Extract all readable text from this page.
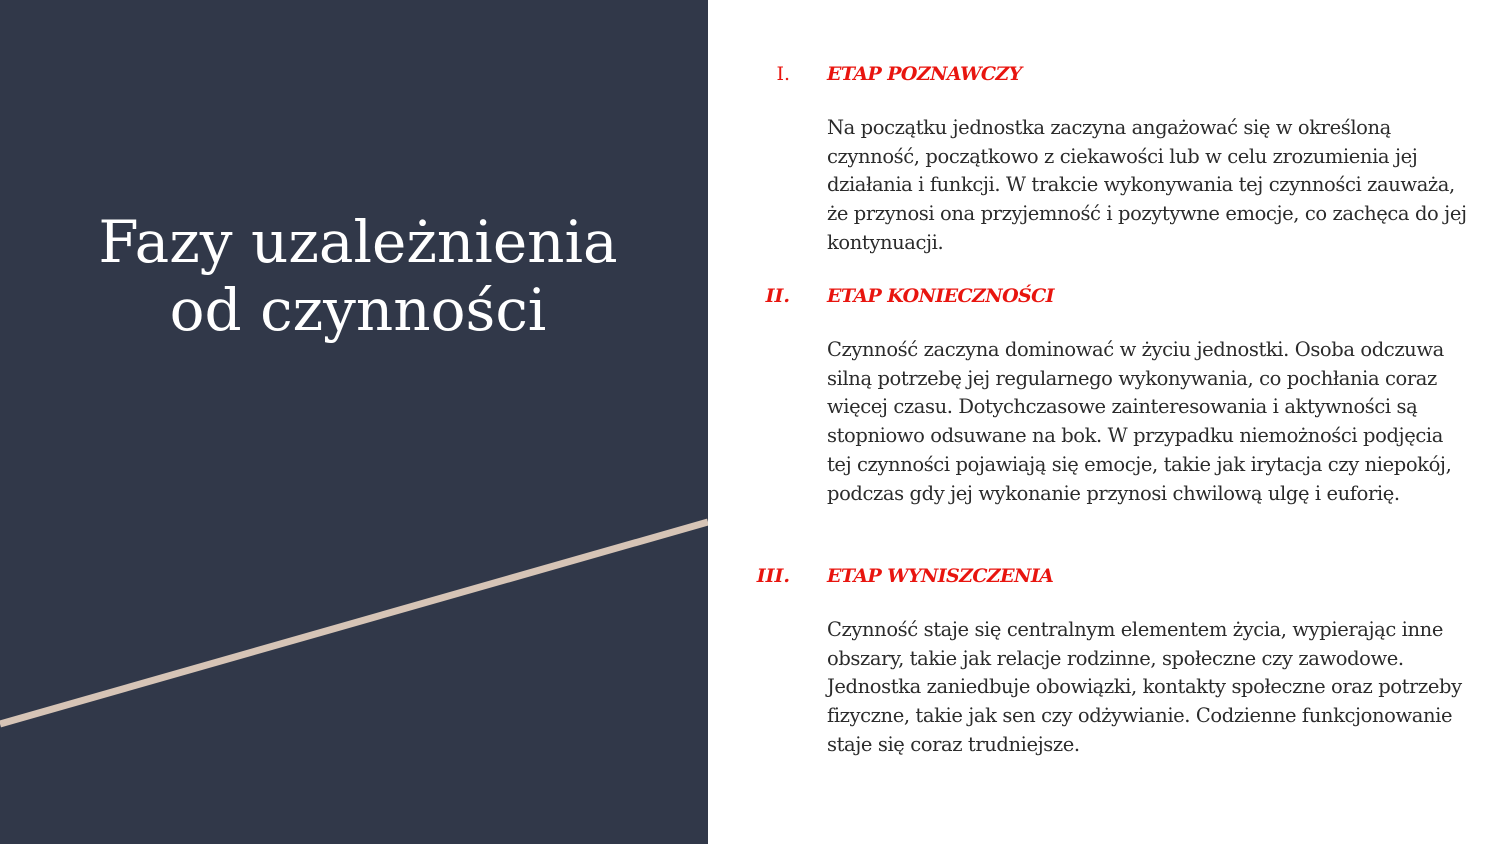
Fazy uzależnienia
od czynności
I. ETAP POZNAWCZY

Na początku jednostka zaczyna angażować się w określoną czynność, początkowo z ciekawości lub w celu zrozumienia jej działania i funkcji. W trakcie wykonywania tej czynności zauważa, że przynosi ona przyjemność i pozytywne emocje, co zachęca do jej kontynuacji.

II. ETAP KONIECZNOŚCI

Czynność zaczyna dominować w życiu jednostki. Osoba odczuwa silną potrzebę jej regularnego wykonywania, co pochłania coraz więcej czasu. Dotychczasowe zainteresowania i aktywności są stopniowo odsuwane na bok. W przypadku niemożności podjęcia tej czynności pojawiają się emocje, takie jak irytacja czy niepokój, podczas gdy jej wykonanie przynosi chwilową ulgę i euforię.

III. ETAP WYNISZCZENIA

Czynność staje się centralnym elementem życia, wypierając inne obszary, takie jak relacje rodzinne, społeczne czy zawodowe. Jednostka zaniedbuje obowiązki, kontakty społeczne oraz potrzeby fizyczne, takie jak sen czy odżywianie. Codzienne funkcjonowanie staje się coraz trudniejsze.
